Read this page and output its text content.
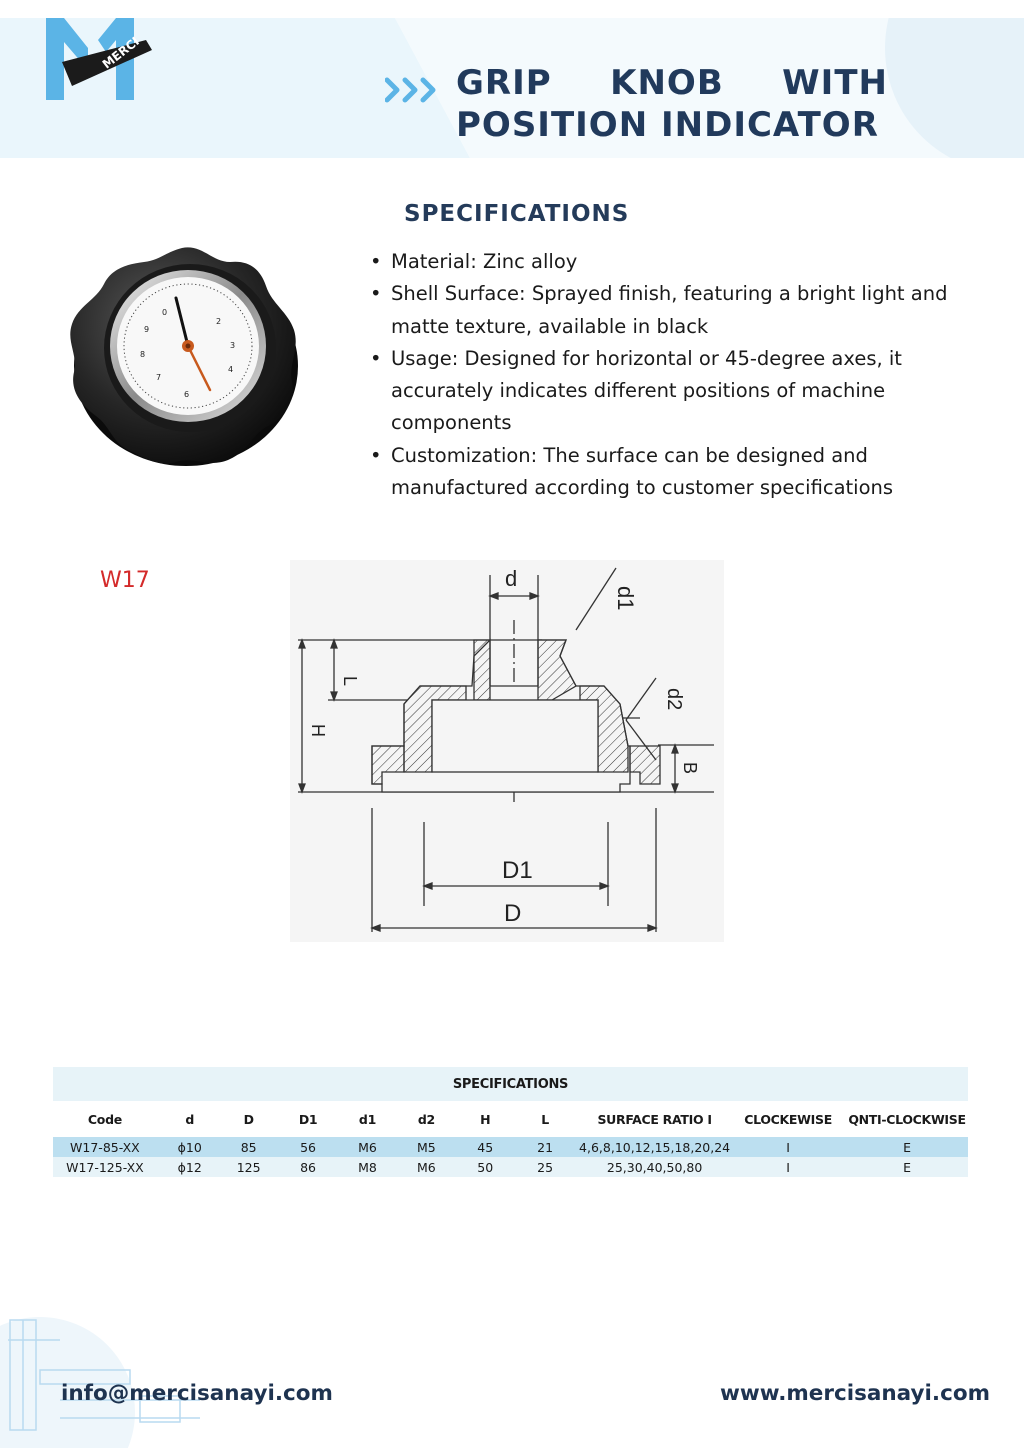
MERCI
GRIP KNOB WITH
POSITION INDICATOR
SPECIFICATIONS
0
2
3
4
6
7
8
9
• Material: Zinc alloy
• Shell Surface: Sprayed finish, featuring a bright light and matte texture, available in black
• Usage: Designed for horizontal or 45-degree axes, it accurately indicates different positions of machine components
• Customization: The surface can be designed and manufactured according to customer specifications
W17	d
d1
L
H
d2
B
D1
D
SPECIFICATIONS										
Code	d	D	D1	d1	d2	H	L	SURFACE RATIO I	CLOCKEWISE	QNTI-CLOCKWISE
W17-85-XX	ϕ10	85	56	M6	M5	45	21	4,6,8,10,12,15,18,20,24	I	E
W17-125-XX	ϕ12	125	86	M8	M6	50	25	25,30,40,50,80	I	E
info@mercisanayi.com	www.mercisanayi.com
